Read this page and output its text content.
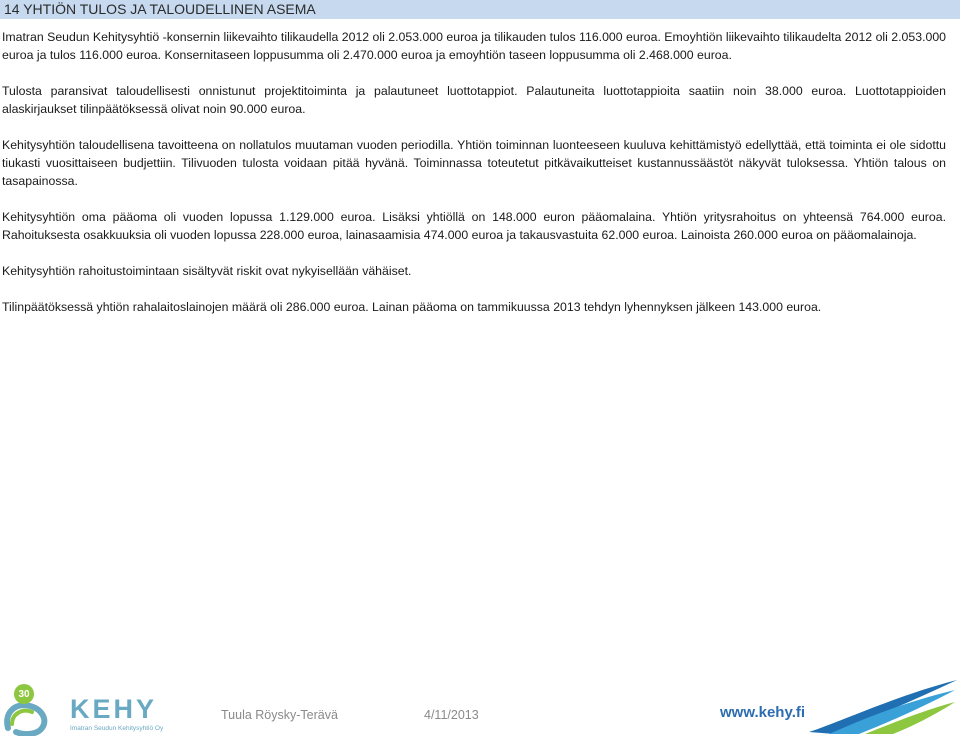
14 YHTIÖN TULOS JA TALOUDELLINEN ASEMA

Imatran Seudun Kehitysyhtiö -konsernin liikevaihto tilikaudella 2012 oli 2.053.000 euroa ja tilikauden tulos 116.000 euroa. Emoyhtiön liikevaihto tilikaudelta 2012 oli 2.053.000 euroa ja tulos 116.000 euroa. Konsernitaseen loppusumma oli 2.470.000 euroa ja emoyhtiön taseen loppusumma oli 2.468.000 euroa.

Tulosta paransivat taloudellisesti onnistunut projektitoiminta ja palautuneet luottotappiot. Palautuneita luottotappioita saatiin noin 38.000 euroa. Luottotappioiden alaskirjaukset tilinpäätöksessä olivat noin 90.000 euroa.

Kehitysyhtiön taloudellisena tavoitteena on nollatulos muutaman vuoden periodilla. Yhtiön toiminnan luonteeseen kuuluva kehittämistyö edellyttää, että toiminta ei ole sidottu tiukasti vuosittaiseen budjettiin. Tilivuoden tulosta voidaan pitää hyvänä. Toiminnassa toteutetut pitkävaikutteiset kustannussäästöt näkyvät tuloksessa. Yhtiön talous on tasapainossa.

Kehitysyhtiön oma pääoma oli vuoden lopussa 1.129.000 euroa. Lisäksi yhtiöllä on 148.000 euron pääomalaina. Yhtiön yritysrahoitus on yhteensä 764.000 euroa. Rahoituksesta osakkuuksia oli vuoden lopussa 228.000 euroa, lainasaamisia 474.000 euroa ja takausvastuita 62.000 euroa. Lainoista 260.000 euroa on pääomalainoja.

Kehitysyhtiön rahoitustoimintaan sisältyvät riskit ovat nykyisellään vähäiset.

Tilinpäätöksessä yhtiön rahalaitoslainojen määrä oli 286.000 euroa. Lainan pääoma on tammikuussa 2013 tehdyn lyhennyksen jälkeen 143.000 euroa.

30
vuotta KEHY
Imatran Seudun Kehitysyhtiö Oy
Tuula Röysky-Terävä	4/11/2013	www.kehy.fi
